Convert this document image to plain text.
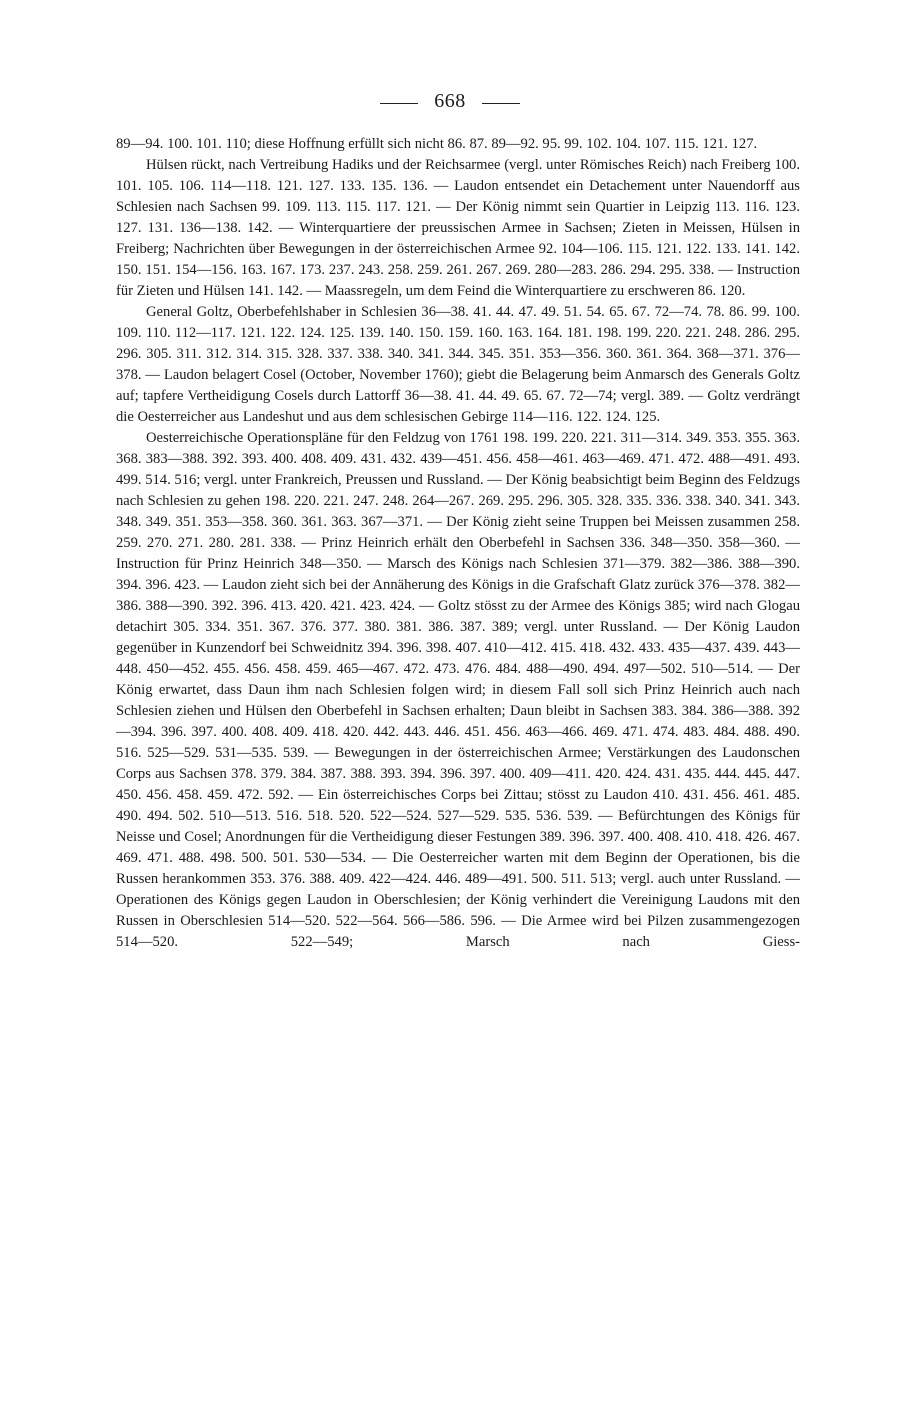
668

89—94. 100. 101. 110; diese Hoffnung erfüllt sich nicht 86. 87. 89—92. 95. 99. 102. 104. 107. 115. 121. 127.

Hülsen rückt, nach Vertreibung Hadiks und der Reichsarmee (vergl. unter Römisches Reich) nach Freiberg 100. 101. 105. 106. 114—118. 121. 127. 133. 135. 136. — Laudon entsendet ein Detachement unter Nauendorff aus Schlesien nach Sachsen 99. 109. 113. 115. 117. 121. — Der König nimmt sein Quartier in Leipzig 113. 116. 123. 127. 131. 136—138. 142. — Winterquartiere der preussischen Armee in Sachsen; Zieten in Meissen, Hülsen in Freiberg; Nachrichten über Bewegungen in der österreichischen Armee 92. 104—106. 115. 121. 122. 133. 141. 142. 150. 151. 154—156. 163. 167. 173. 237. 243. 258. 259. 261. 267. 269. 280—283. 286. 294. 295. 338. — Instruction für Zieten und Hülsen 141. 142. — Maassregeln, um dem Feind die Winterquartiere zu erschweren 86. 120.

General Goltz, Oberbefehlshaber in Schlesien 36—38. 41. 44. 47. 49. 51. 54. 65. 67. 72—74. 78. 86. 99. 100. 109. 110. 112—117. 121. 122. 124. 125. 139. 140. 150. 159. 160. 163. 164. 181. 198. 199. 220. 221. 248. 286. 295. 296. 305. 311. 312. 314. 315. 328. 337. 338. 340. 341. 344. 345. 351. 353—356. 360. 361. 364. 368—371. 376—378. — Laudon belagert Cosel (October, November 1760); giebt die Belagerung beim Anmarsch des Generals Goltz auf; tapfere Vertheidigung Cosels durch Lattorff 36—38. 41. 44. 49. 65. 67. 72—74; vergl. 389. — Goltz verdrängt die Oesterreicher aus Landeshut und aus dem schlesischen Gebirge 114—116. 122. 124. 125.

Oesterreichische Operationspläne für den Feldzug von 1761 198. 199. 220. 221. 311—314. 349. 353. 355. 363. 368. 383—388. 392. 393. 400. 408. 409. 431. 432. 439—451. 456. 458—461. 463—469. 471. 472. 488—491. 493. 499. 514. 516; vergl. unter Frankreich, Preussen und Russland. — Der König beabsichtigt beim Beginn des Feldzugs nach Schlesien zu gehen 198. 220. 221. 247. 248. 264—267. 269. 295. 296. 305. 328. 335. 336. 338. 340. 341. 343. 348. 349. 351. 353—358. 360. 361. 363. 367—371. — Der König zieht seine Truppen bei Meissen zusammen 258. 259. 270. 271. 280. 281. 338. — Prinz Heinrich erhält den Oberbefehl in Sachsen 336. 348—350. 358—360. — Instruction für Prinz Heinrich 348—350. — Marsch des Königs nach Schlesien 371—379. 382—386. 388—390. 394. 396. 423. — Laudon zieht sich bei der Annäherung des Königs in die Grafschaft Glatz zurück 376—378. 382—386. 388—390. 392. 396. 413. 420. 421. 423. 424. — Goltz stösst zu der Armee des Königs 385; wird nach Glogau detachirt 305. 334. 351. 367. 376. 377. 380. 381. 386. 387. 389; vergl. unter Russland. — Der König Laudon gegenüber in Kunzendorf bei Schweidnitz 394. 396. 398. 407. 410—412. 415. 418. 432. 433. 435—437. 439. 443—448. 450—452. 455. 456. 458. 459. 465—467. 472. 473. 476. 484. 488—490. 494. 497—502. 510—514. — Der König erwartet, dass Daun ihm nach Schlesien folgen wird; in diesem Fall soll sich Prinz Heinrich auch nach Schlesien ziehen und Hülsen den Oberbefehl in Sachsen erhalten; Daun bleibt in Sachsen 383. 384. 386—388. 392—394. 396. 397. 400. 408. 409. 418. 420. 442. 443. 446. 451. 456. 463—466. 469. 471. 474. 483. 484. 488. 490. 516. 525—529. 531—535. 539. — Bewegungen in der österreichischen Armee; Verstärkungen des Laudonschen Corps aus Sachsen 378. 379. 384. 387. 388. 393. 394. 396. 397. 400. 409—411. 420. 424. 431. 435. 444. 445. 447. 450. 456. 458. 459. 472. 592. — Ein österreichisches Corps bei Zittau; stösst zu Laudon 410. 431. 456. 461. 485. 490. 494. 502. 510—513. 516. 518. 520. 522—524. 527—529. 535. 536. 539. — Befürchtungen des Königs für Neisse und Cosel; Anordnungen für die Vertheidigung dieser Festungen 389. 396. 397. 400. 408. 410. 418. 426. 467. 469. 471. 488. 498. 500. 501. 530—534. — Die Oesterreicher warten mit dem Beginn der Operationen, bis die Russen herankommen 353. 376. 388. 409. 422—424. 446. 489—491. 500. 511. 513; vergl. auch unter Russland. — Operationen des Königs gegen Laudon in Oberschlesien; der König verhindert die Vereinigung Laudons mit den Russen in Oberschlesien 514—520. 522—564. 566—586. 596. — Die Armee wird bei Pilzen zusammengezogen 514—520. 522—549; Marsch nach Giess-
